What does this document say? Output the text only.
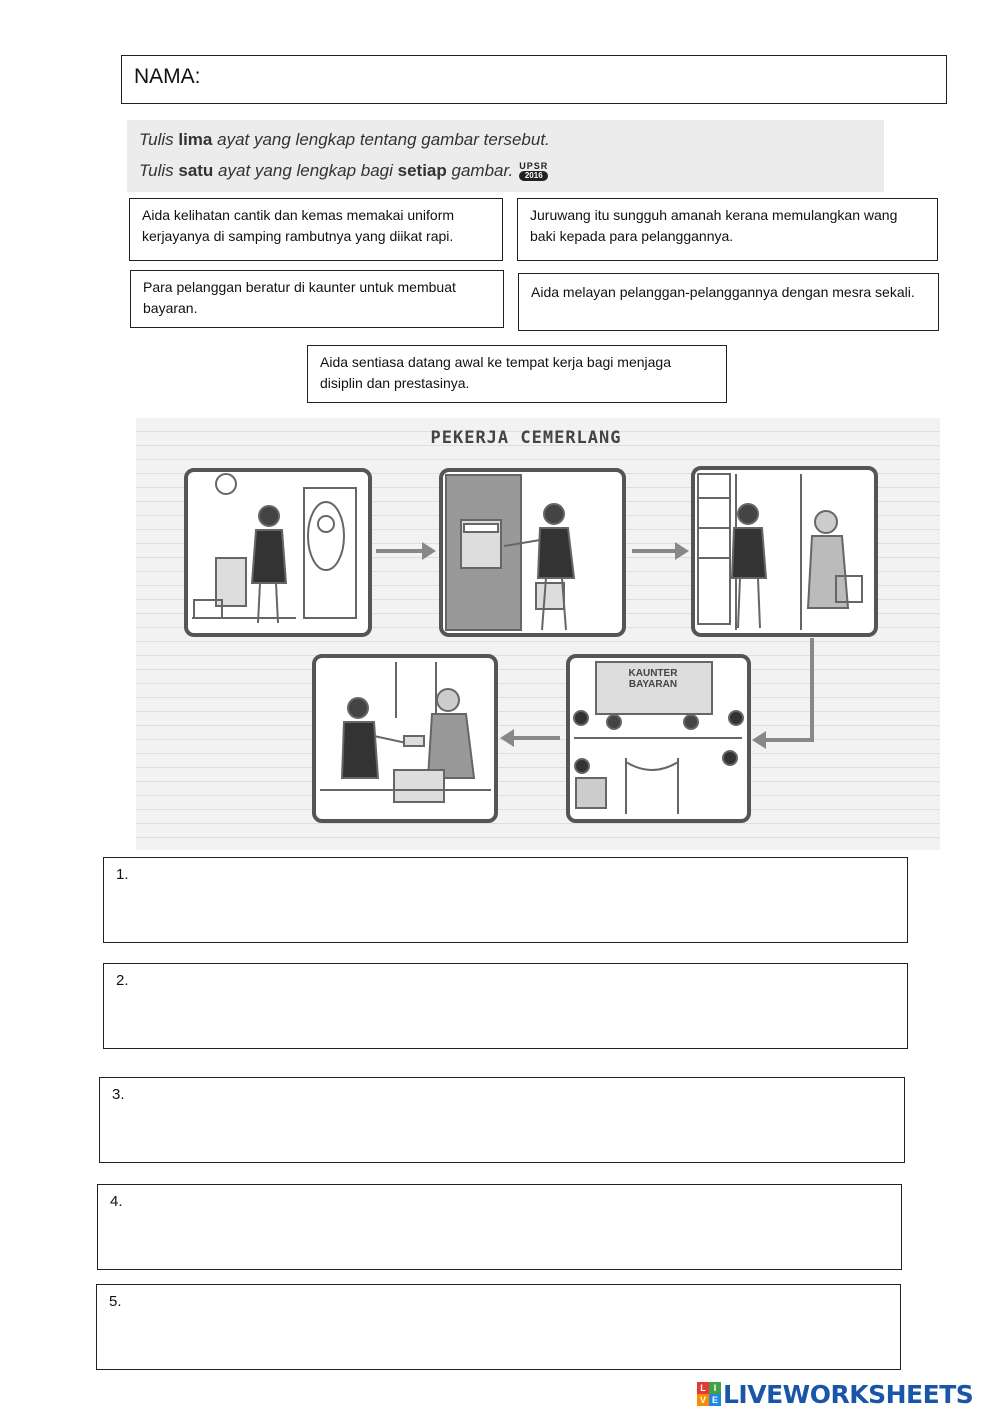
NAMA:
Tulis lima ayat yang lengkap tentang gambar tersebut.
Tulis satu ayat yang lengkap bagi setiap gambar. UPSR
2016
Aida kelihatan cantik dan kemas memakai uniform kerjayanya di samping rambutnya yang diikat rapi.
Juruwang itu sungguh amanah kerana memulangkan wang baki kepada para pelanggannya.
Para pelanggan beratur di kaunter untuk membuat bayaran.
Aida melayan pelanggan-pelanggannya dengan mesra sekali.
Aida sentiasa datang awal ke tempat kerja bagi menjaga disiplin dan prestasinya.
PEKERJA CEMERLANG
KAUNTER
BAYARAN
1.
2.
3.
4.
5.
L I
V E LIVEWORKSHEETS
